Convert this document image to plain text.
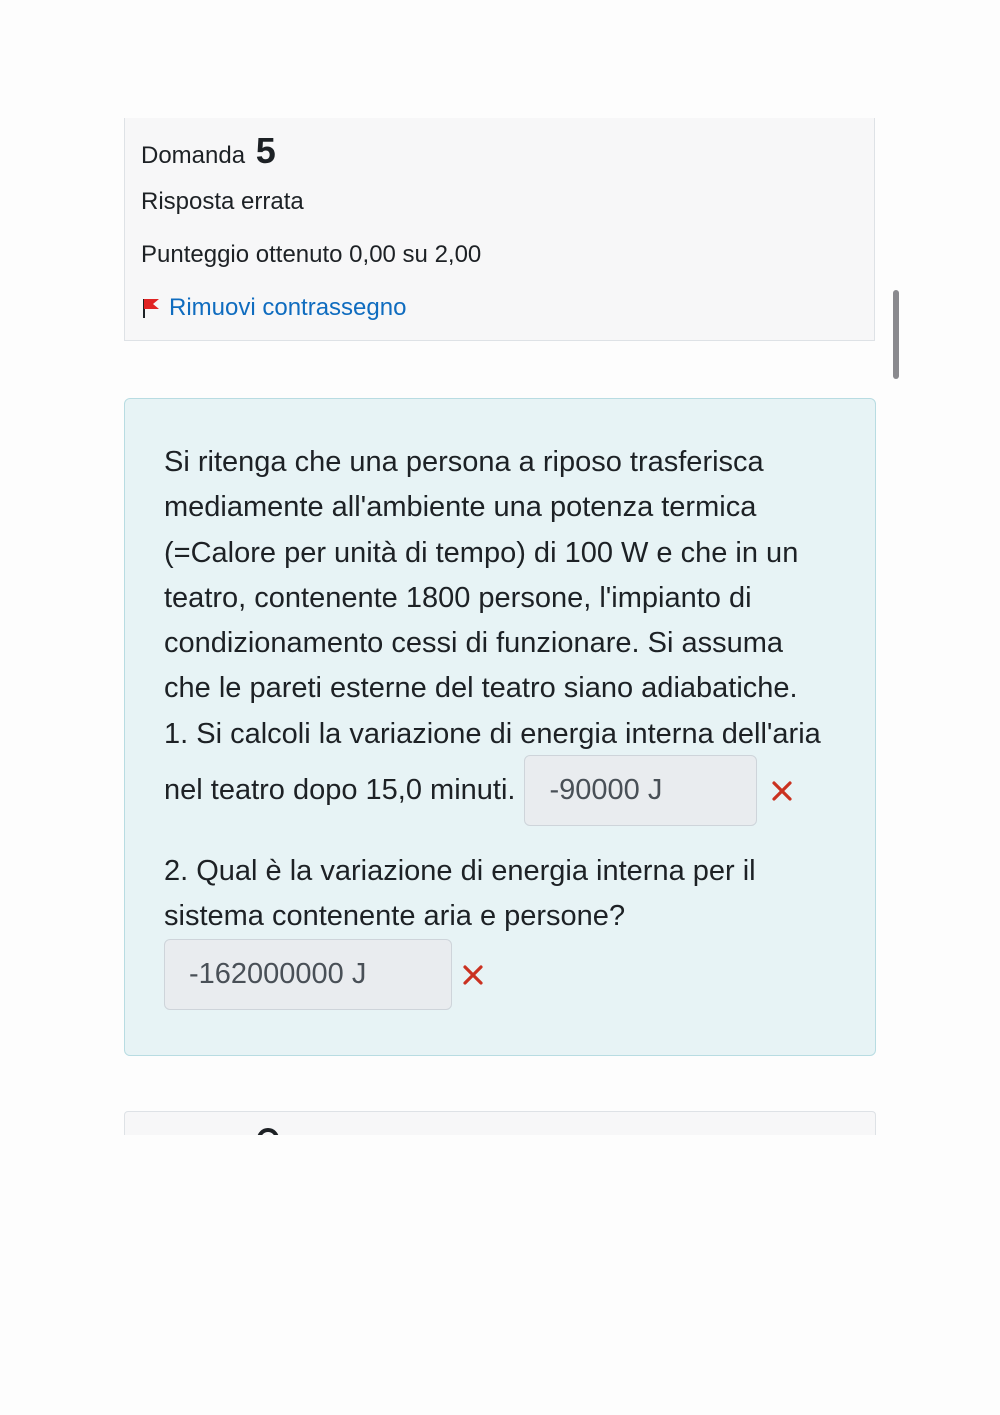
Domanda 5
Risposta errata
Punteggio ottenuto 0,00 su 2,00
Rimuovi contrassegno
Si ritenga che una persona a riposo trasferisca
mediamente all'ambiente una potenza termica
(=Calore per unità di tempo) di 100 W e che in un
teatro, contenente 1800 persone, l'impianto di
condizionamento cessi di funzionare. Si assuma
che le pareti esterne del teatro siano adiabatiche.
1. Si calcoli la variazione di energia interna dell'aria
nel teatro dopo 15,0 minuti.	-90000 J
2. Qual è la variazione di energia interna per il
sistema contenente aria e persone?
-162000000 J
